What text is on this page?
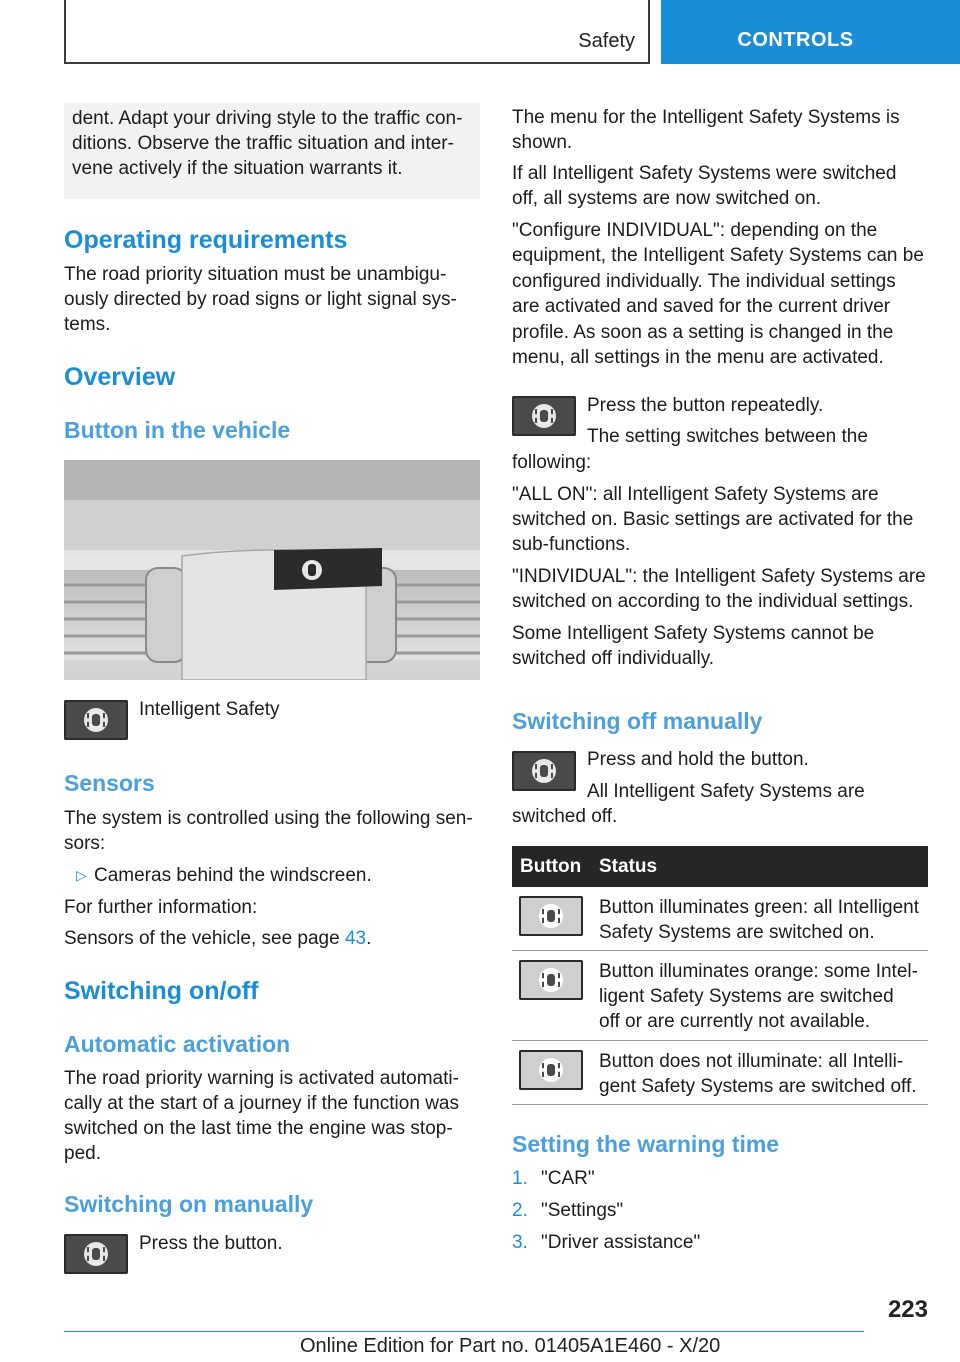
Safety	CONTROLS
dent. Adapt your driving style to the traffic con-
ditions. Observe the traffic situation and inter-
vene actively if the situation warrants it.
Operating requirements
The road priority situation must be unambigu-
ously directed by road signs or light signal sys-
tems.
Overview
Button in the vehicle
Intelligent Safety
Sensors
The system is controlled using the following sen-
sors:
▷ Cameras behind the windscreen.
For further information:
Sensors of the vehicle, see page 43.
Switching on/off
Automatic activation
The road priority warning is activated automati-
cally at the start of a journey if the function was
switched on the last time the engine was stop-
ped.
Switching on manually
Press the button.
The menu for the Intelligent Safety Systems is
shown.
If all Intelligent Safety Systems were switched
off, all systems are now switched on.
"Configure INDIVIDUAL": depending on the
equipment, the Intelligent Safety Systems can be
configured individually. The individual settings
are activated and saved for the current driver
profile. As soon as a setting is changed in the
menu, all settings in the menu are activated.
Press the button repeatedly.
The setting switches between the
following:
"ALL ON": all Intelligent Safety Systems are
switched on. Basic settings are activated for the
sub-functions.
"INDIVIDUAL": the Intelligent Safety Systems are
switched on according to the individual settings.
Some Intelligent Safety Systems cannot be
switched off individually.
Switching off manually
Press and hold the button.
All Intelligent Safety Systems are
switched off.
Button Status
Button illuminates green: all Intelligent
Safety Systems are switched on.
Button illuminates orange: some Intel-
ligent Safety Systems are switched
off or are currently not available.
Button does not illuminate: all Intelli-
gent Safety Systems are switched off.
Setting the warning time
1. "CAR"
2. "Settings"
3. "Driver assistance"
223
Online Edition for Part no. 01405A1E460 - X/20
